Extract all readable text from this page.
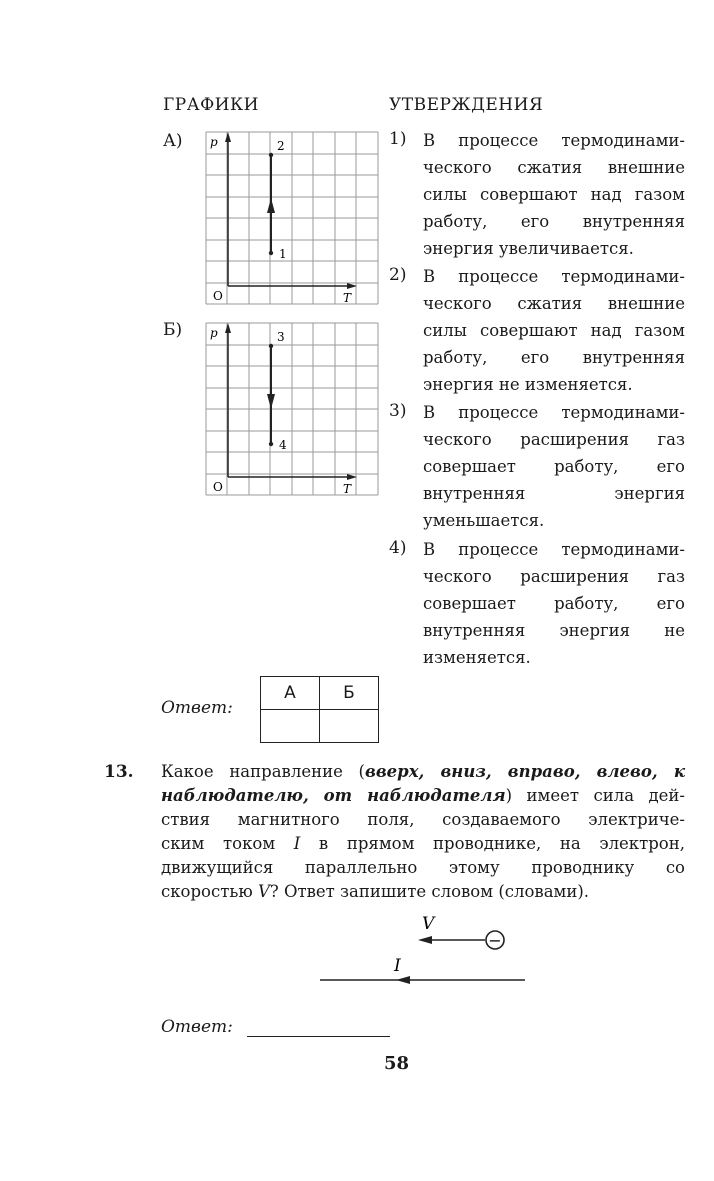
ГРАФИКИ	УТВЕРЖДЕНИЯ
А) p
T
O
2
1
Б) p
T
O
3
4
1) В процессе термодинами-
ческого сжатия внешние
силы совершают над газом
работу, его внутренняя
энергия увеличивается.
2) В процессе термодинами-
ческого сжатия внешние
силы совершают над газом
работу, его внутренняя
энергия не изменяется.
3) В процессе термодинами-
ческого расширения газ
совершает работу, его
внутренняя энергия
уменьшается.
4) В процессе термодинами-
ческого расширения газ
совершает работу, его
внутренняя энергия не
изменяется.
Ответ:
А	Б

13. Какое направление (вверх, вниз, вправо, влево, к
наблюдателю, от наблюдателя) имеет сила дей-
ствия магнитного поля, создаваемого электриче-
ским током I в прямом проводнике, на электрон,
движущийся параллельно этому проводнику со
скоростью V? Ответ запишите словом (словами).
V
−
I
Ответ:
58
